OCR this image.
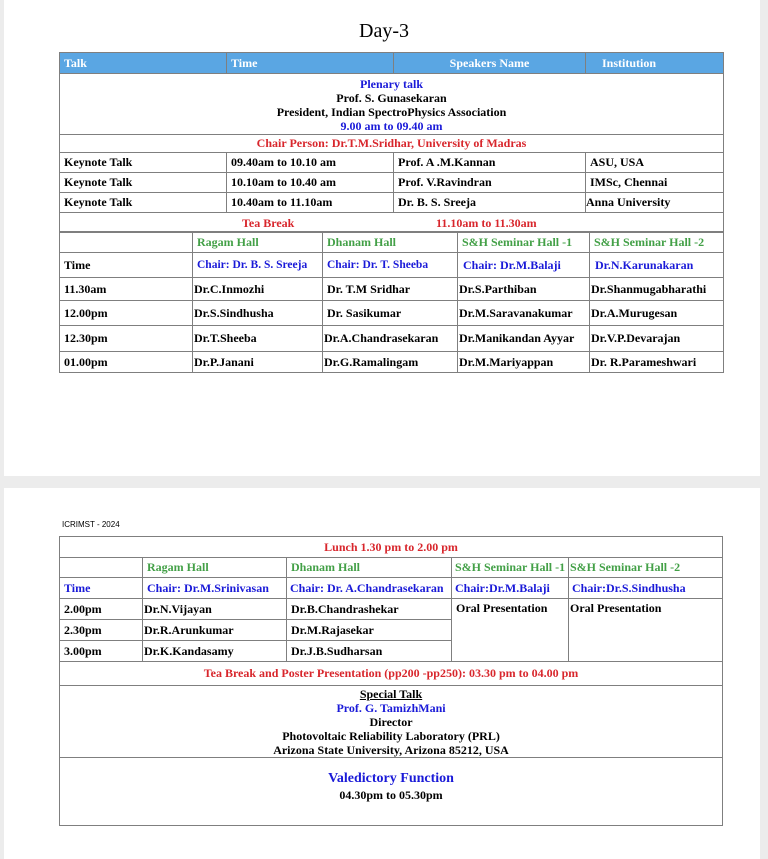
Day-3
Talk	Time	Speakers Name	Institution

Plenary talk
Prof. S. Gunasekaran
President, Indian SpectroPhysics Association
9.00 am to 09.40 am			

Chair Person: Dr.T.M.Sridhar, University of Madras			
Keynote Talk	09.40am to 10.10 am	Prof. A .M.Kannan	ASU, USA
Keynote Talk	10.10am to 10.40 am	Prof. V.Ravindran	IMSc, Chennai
Keynote Talk	10.40am to 11.10am	Dr. B. S. Sreeja	Anna University

Tea Break 11.10am to 11.30am			
	Ragam Hall	Dhanam Hall	S&H Seminar Hall -1	S&H Seminar Hall -2
Time	Chair: Dr. B. S. Sreeja	Chair: Dr. T. Sheeba	Chair: Dr.M.Balaji	Dr.N.Karunakaran
11.30am	Dr.C.Inmozhi	Dr. T.M Sridhar	Dr.S.Parthiban	Dr.Shanmugabharathi
12.00pm	Dr.S.Sindhusha	Dr. Sasikumar	Dr.M.Saravanakumar	Dr.A.Murugesan
12.30pm	Dr.T.Sheeba	Dr.A.Chandrasekaran	Dr.Manikandan Ayyar	Dr.V.P.Devarajan
01.00pm	Dr.P.Janani	Dr.G.Ramalingam	Dr.M.Mariyappan	Dr. R.Parameshwari
ICRIMST - 2024
Lunch 1.30 pm to 2.00 pm				
	Ragam Hall	Dhanam Hall	S&H Seminar Hall -1	S&H Seminar Hall -2
Time	Chair: Dr.M.Srinivasan	Chair: Dr. A.Chandrasekaran	Chair:Dr.M.Balaji	Chair:Dr.S.Sindhusha
2.00pm	Dr.N.Vijayan	Dr.B.Chandrashekar	Oral Presentation	Oral Presentation
2.30pm	Dr.R.Arunkumar	Dr.M.Rajasekar		
3.00pm	Dr.K.Kandasamy	Dr.J.B.Sudharsan		
Tea Break and Poster Presentation (pp200 -pp250): 03.30 pm to 04.00 pm				

Special Talk
Prof. G. TamizhMani
Director
Photovoltaic Reliability Laboratory (PRL)
Arizona State University, Arizona 85212, USA				

Valedictory Function
04.30pm to 05.30pm				
